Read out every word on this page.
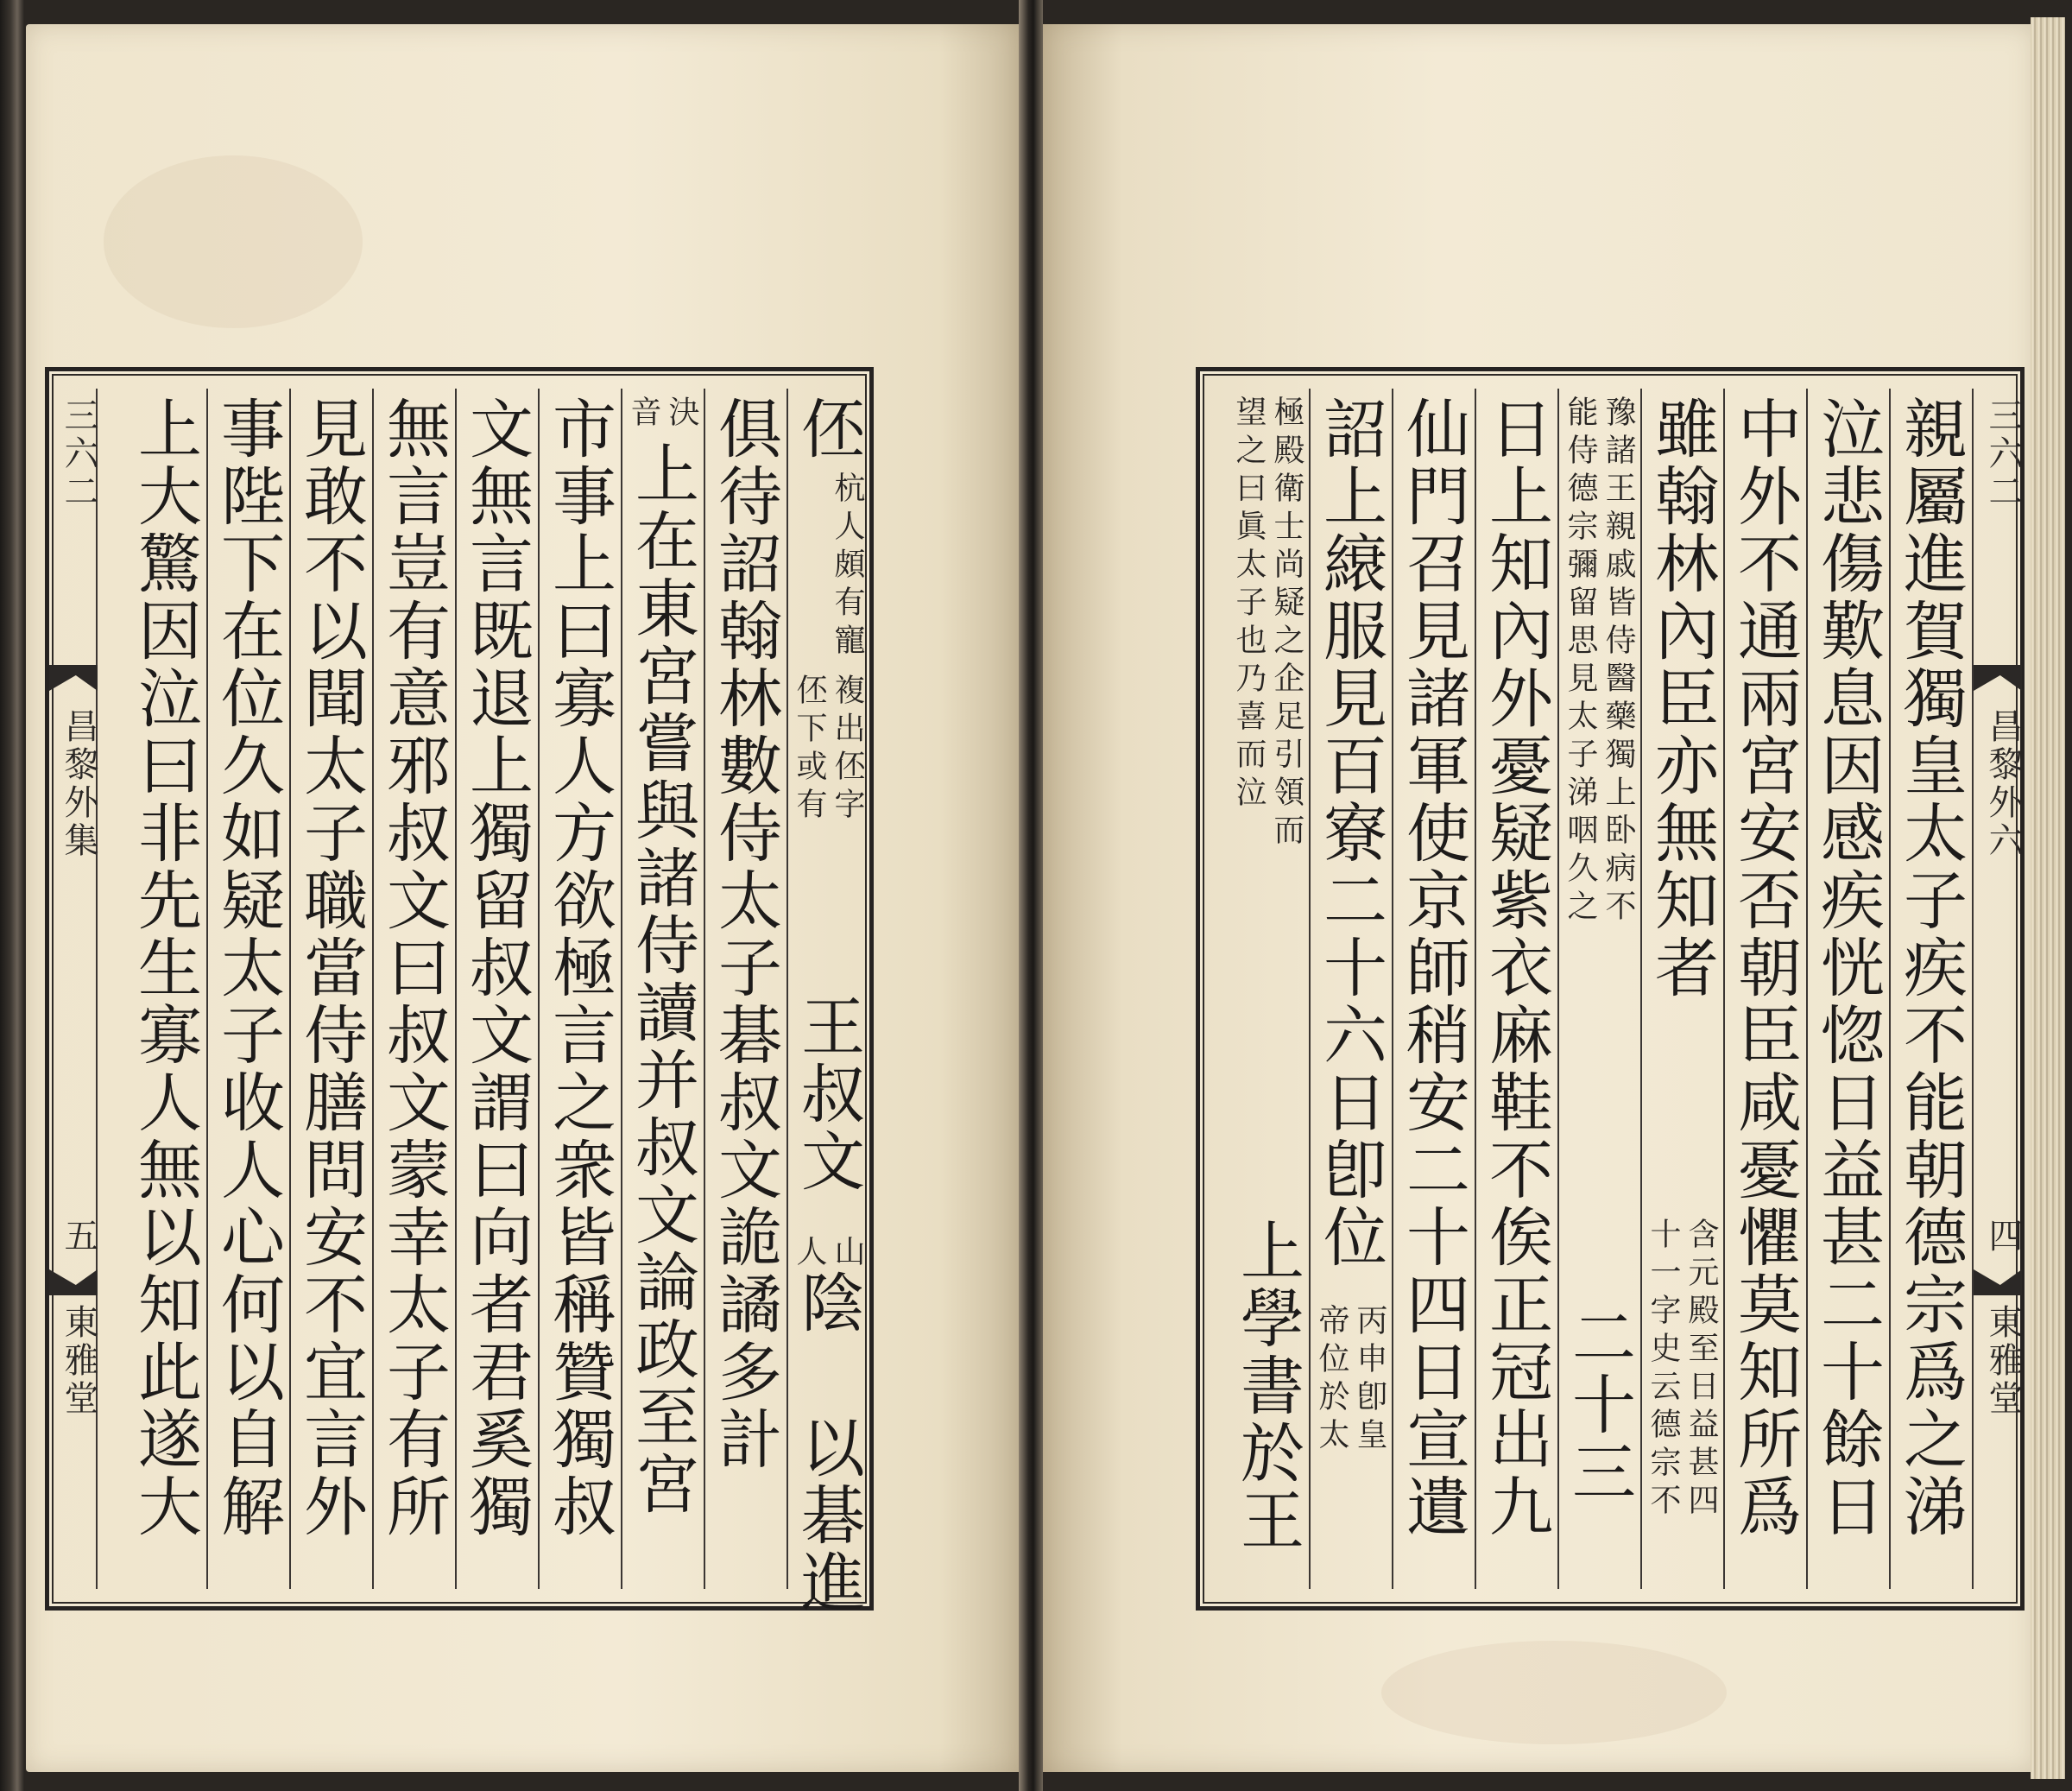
三六二
昌黎外集
五
東雅堂
伾
杭人頗有寵
伾下或有 複出伾字
王叔文
山
人
陰 以碁進
俱待詔翰林數侍太子碁叔文詭譎多計
音 決
上在東宮嘗與諸侍讀并叔文論政至宮
市事上曰寡人方欲極言之衆皆稱贊獨叔
文無言既退上獨留叔文謂曰向者君奚獨
無言豈有意邪叔文曰叔文蒙幸太子有所
見敢不以聞太子職當侍膳問安不宜言外
事陛下在位久如疑太子收人心何以自解
上大驚因泣曰非先生寡人無以知此遂大	親屬進賀獨皇太子疾不能朝德宗爲之涕
泣悲傷歎息因感疾恍惚日益甚二十餘日
中外不通兩宮安否朝臣咸憂懼莫知所爲
雖翰林內臣亦無知者
含元殿至日益甚四
十一字史云德宗不
豫諸王親戚皆侍醫藥獨上卧病不
能侍德宗彌留思見太子涕咽久之
二十三
日上知內外憂疑紫衣麻鞋不俟正冠出九
仙門召見諸軍使京師稍安二十四日宣遺
詔上縗服見百寮二十六日卽位
丙申卽皇
帝位於太
極殿衛士尚疑之企足引領而
望之曰眞太子也乃喜而泣
上學書於王
三六二
昌黎外六
四
東雅堂
